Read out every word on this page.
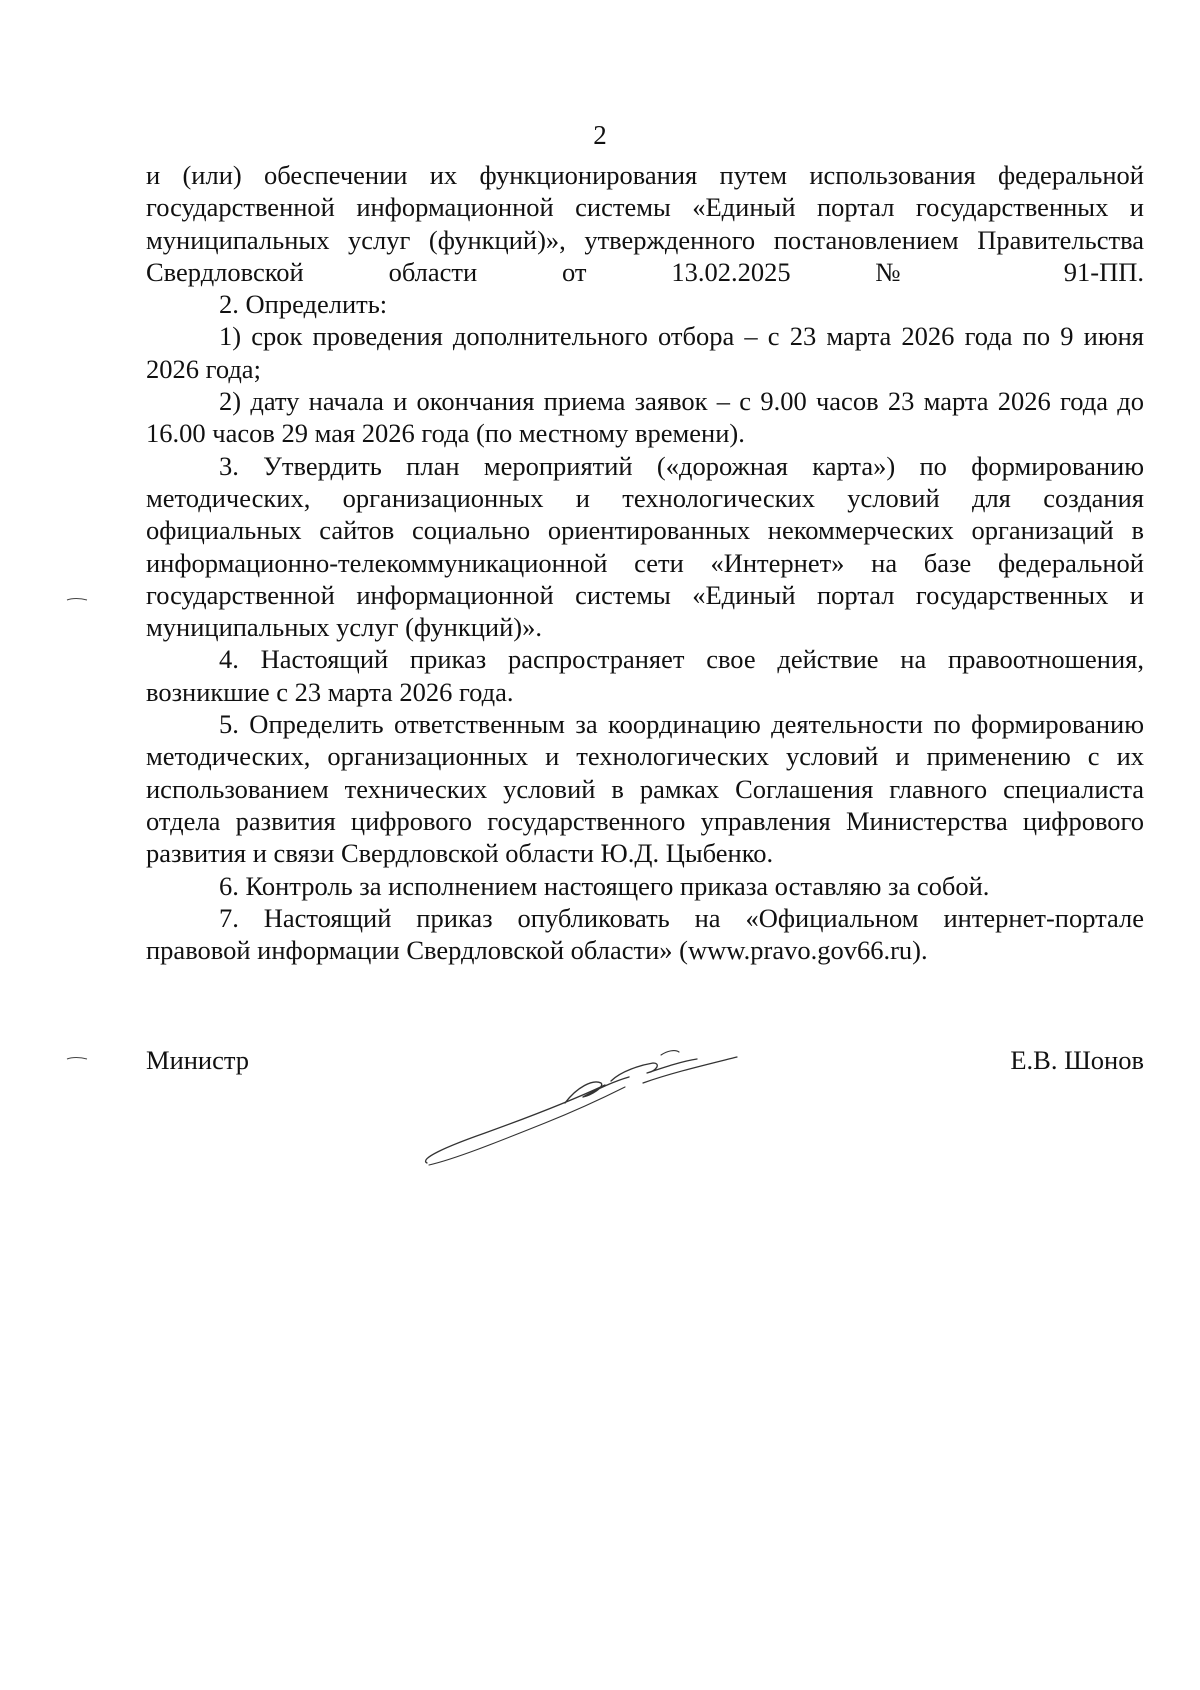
2

и (или) обеспечении их функционирования путем использования федеральной государственной информационной системы «Единый портал государственных и муниципальных услуг (функций)», утвержденного постановлением Правительства Свердловской области от 13.02.2025 № 91-ПП.

2. Определить:

1) срок проведения дополнительного отбора – с 23 марта 2026 года по 9 июня 2026 года;

2) дату начала и окончания приема заявок – с 9.00 часов 23 марта 2026 года до 16.00 часов 29 мая 2026 года (по местному времени).

3. Утвердить план мероприятий («дорожная карта») по формированию методических, организационных и технологических условий для создания официальных сайтов социально ориентированных некоммерческих организаций в информационно-телекоммуникационной сети «Интернет» на базе федеральной государственной информационной системы «Единый портал государственных и муниципальных услуг (функций)».

4. Настоящий приказ распространяет свое действие на правоотношения, возникшие с 23 марта 2026 года.

5. Определить ответственным за координацию деятельности по формированию методических, организационных и технологических условий и применению с их использованием технических условий в рамках Соглашения главного специалиста отдела развития цифрового государственного управления Министерства цифрового развития и связи Свердловской области Ю.Д. Цыбенко.

6. Контроль за исполнением настоящего приказа оставляю за собой.

7. Настоящий приказ опубликовать на «Официальном интернет-портале правовой информации Свердловской области» (www.pravo.gov66.ru).

Министр	Е.В. Шонов
